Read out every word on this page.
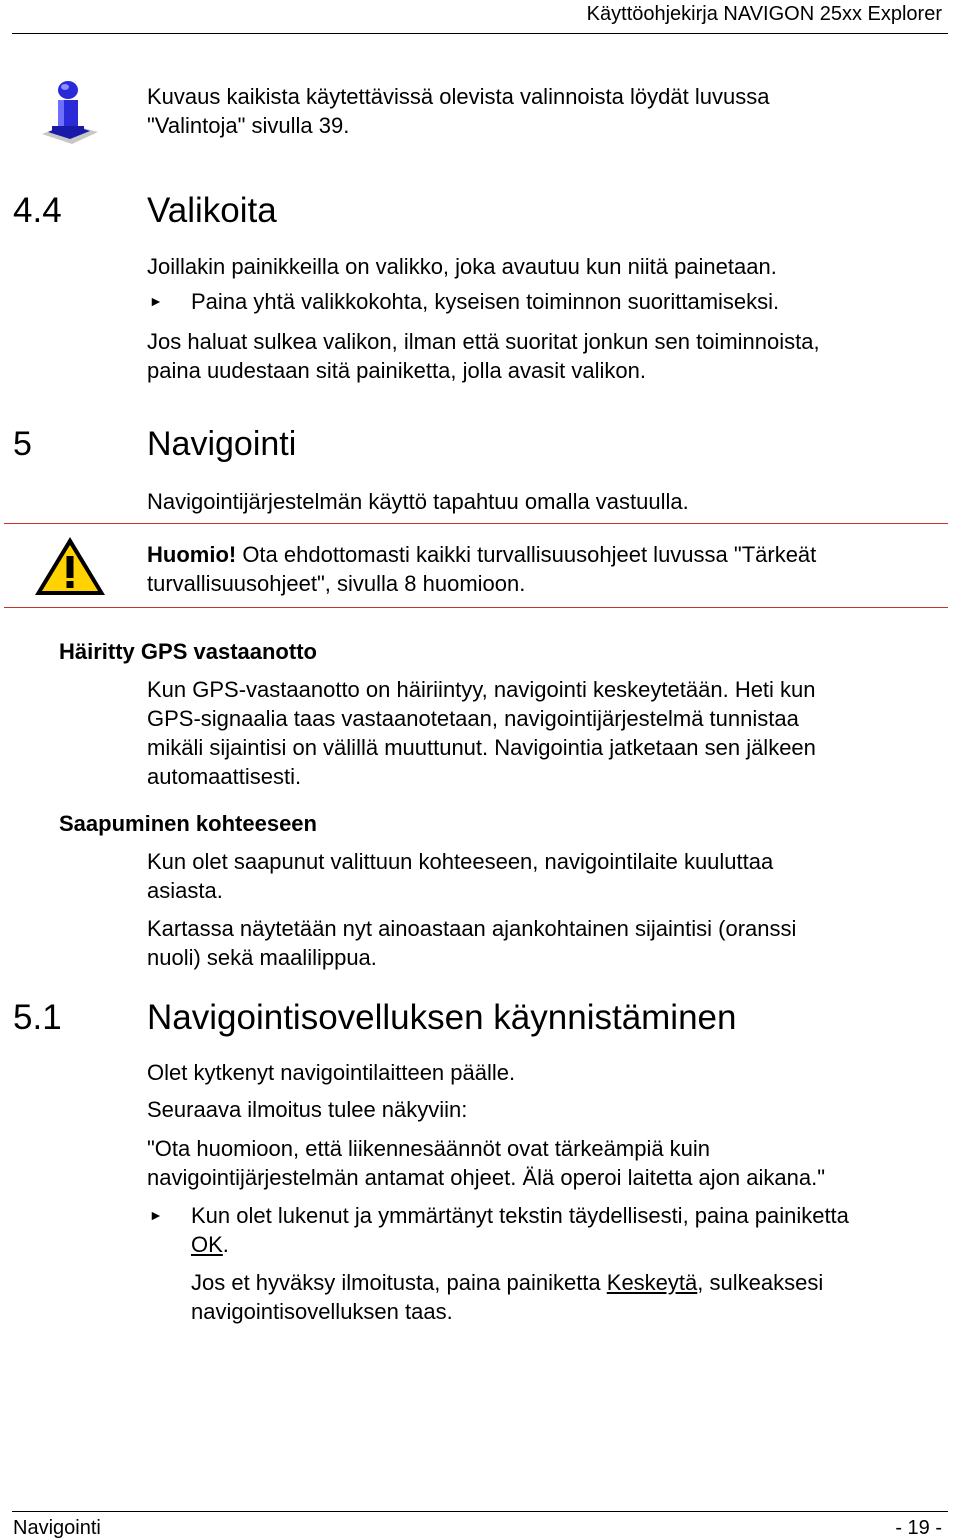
Käyttöohjekirja NAVIGON 25xx Explorer
Kuvaus kaikista käytettävissä olevista valinnoista löydät luvussa
"Valintoja" sivulla 39.
4.4 Valikoita
Joillakin painikkeilla on valikko, joka avautuu kun niitä painetaan.
► Paina yhtä valikkokohta, kyseisen toiminnon suorittamiseksi.
Jos haluat sulkea valikon, ilman että suoritat jonkun sen toiminnoista,
paina uudestaan sitä painiketta, jolla avasit valikon.
5	Navigointi
Navigointijärjestelmän käyttö tapahtuu omalla vastuulla.
Huomio! Ota ehdottomasti kaikki turvallisuusohjeet luvussa "Tärkeät
turvallisuusohjeet", sivulla 8 huomioon.
Häiritty GPS vastaanotto
Kun GPS-vastaanotto on häiriintyy, navigointi keskeytetään. Heti kun
GPS-signaalia taas vastaanotetaan, navigointijärjestelmä tunnistaa
mikäli sijaintisi on välillä muuttunut. Navigointia jatketaan sen jälkeen
automaattisesti.
Saapuminen kohteeseen
Kun olet saapunut valittuun kohteeseen, navigointilaite kuuluttaa
asiasta.
Kartassa näytetään nyt ainoastaan ajankohtainen sijaintisi (oranssi
nuoli) sekä maalilippua.
5.1 Navigointisovelluksen käynnistäminen
Olet kytkenyt navigointilaitteen päälle.
Seuraava ilmoitus tulee näkyviin:
"Ota huomioon, että liikennesäännöt ovat tärkeämpiä kuin
navigointijärjestelmän antamat ohjeet. Älä operoi laitetta ajon aikana."
► Kun olet lukenut ja ymmärtänyt tekstin täydellisesti, paina painiketta
OK.
Jos et hyväksy ilmoitusta, paina painiketta Keskeytä, sulkeaksesi
navigointisovelluksen taas.
Navigointi	- 19 -
